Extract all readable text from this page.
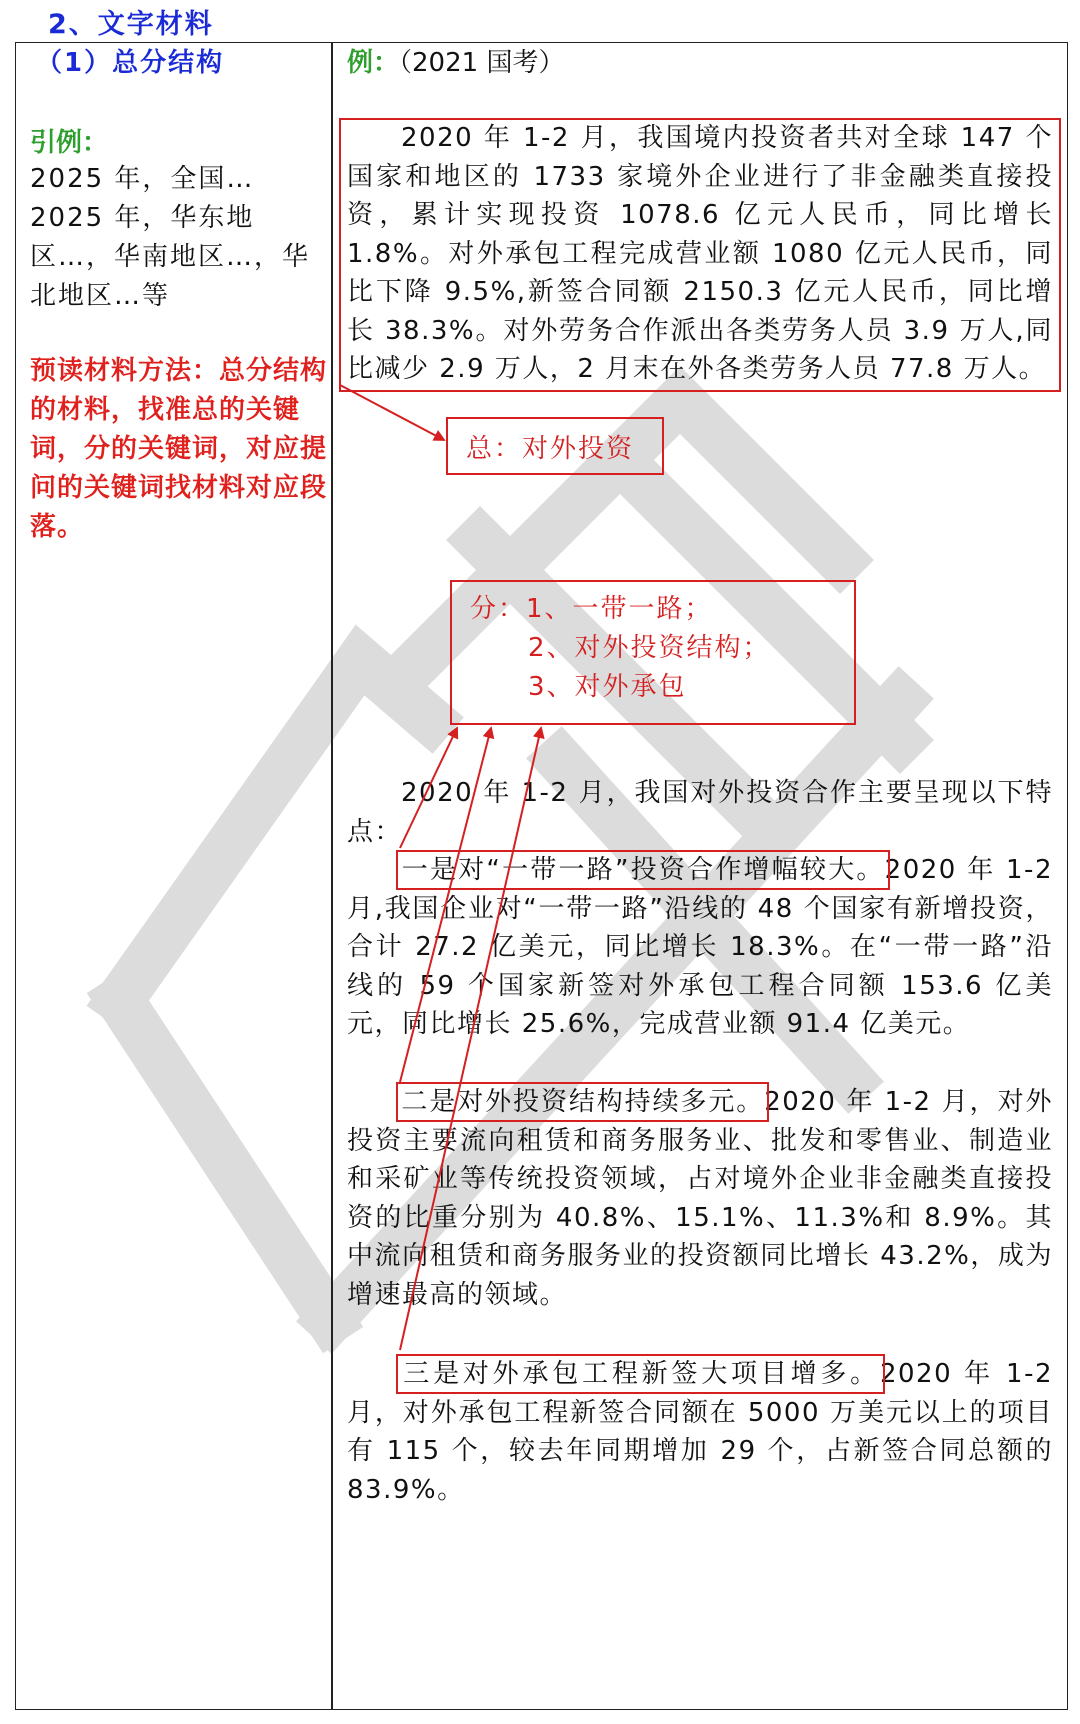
2、文字材料
（1）总分结构
引例：
2025 年，全国… 2025 年，华东地区…，华南地区…，华北地区…等
预读材料方法：总分结构的材料，找准总的关键词，分的关键词，对应提问的关键词找材料对应段落。
例：（2021 国考）
2020 年 1-2 月，我国境内投资者共对全球 147 个国家和地区的 1733 家境外企业进行了非金融类直接投资，累计实现投资 1078.6 亿元人民币，同比增长 1.8%。对外承包工程完成营业额 1080 亿元人民币，同比下降 9.5%,新签合同额 2150.3 亿元人民币，同比增长 38.3%。对外劳务合作派出各类劳务人员 3.9 万人,同比减少 2.9 万人，2 月末在外各类劳务人员 77.8 万人。
总：对外投资
分：1、一带一路；
2、对外投资结构；
3、对外承包
2020 年 1-2 月，我国对外投资合作主要呈现以下特点：
一是对“一带一路”投资合作增幅较大。2020 年 1-2 月,我国企业对“一带一路”沿线的 48 个国家有新增投资，合计 27.2 亿美元，同比增长 18.3%。在“一带一路”沿线的 59 个国家新签对外承包工程合同额 153.6 亿美元，同比增长 25.6%，完成营业额 91.4 亿美元。
二是对外投资结构持续多元。2020 年 1-2 月，对外投资主要流向租赁和商务服务业、批发和零售业、制造业和采矿业等传统投资领域，占对境外企业非金融类直接投资的比重分别为 40.8%、15.1%、11.3%和 8.9%。其中流向租赁和商务服务业的投资额同比增长 43.2%，成为增速最高的领域。
三是对外承包工程新签大项目增多。2020 年 1-2 月，对外承包工程新签合同额在 5000 万美元以上的项目有 115 个，较去年同期增加 29 个，占新签合同总额的 83.9%。
